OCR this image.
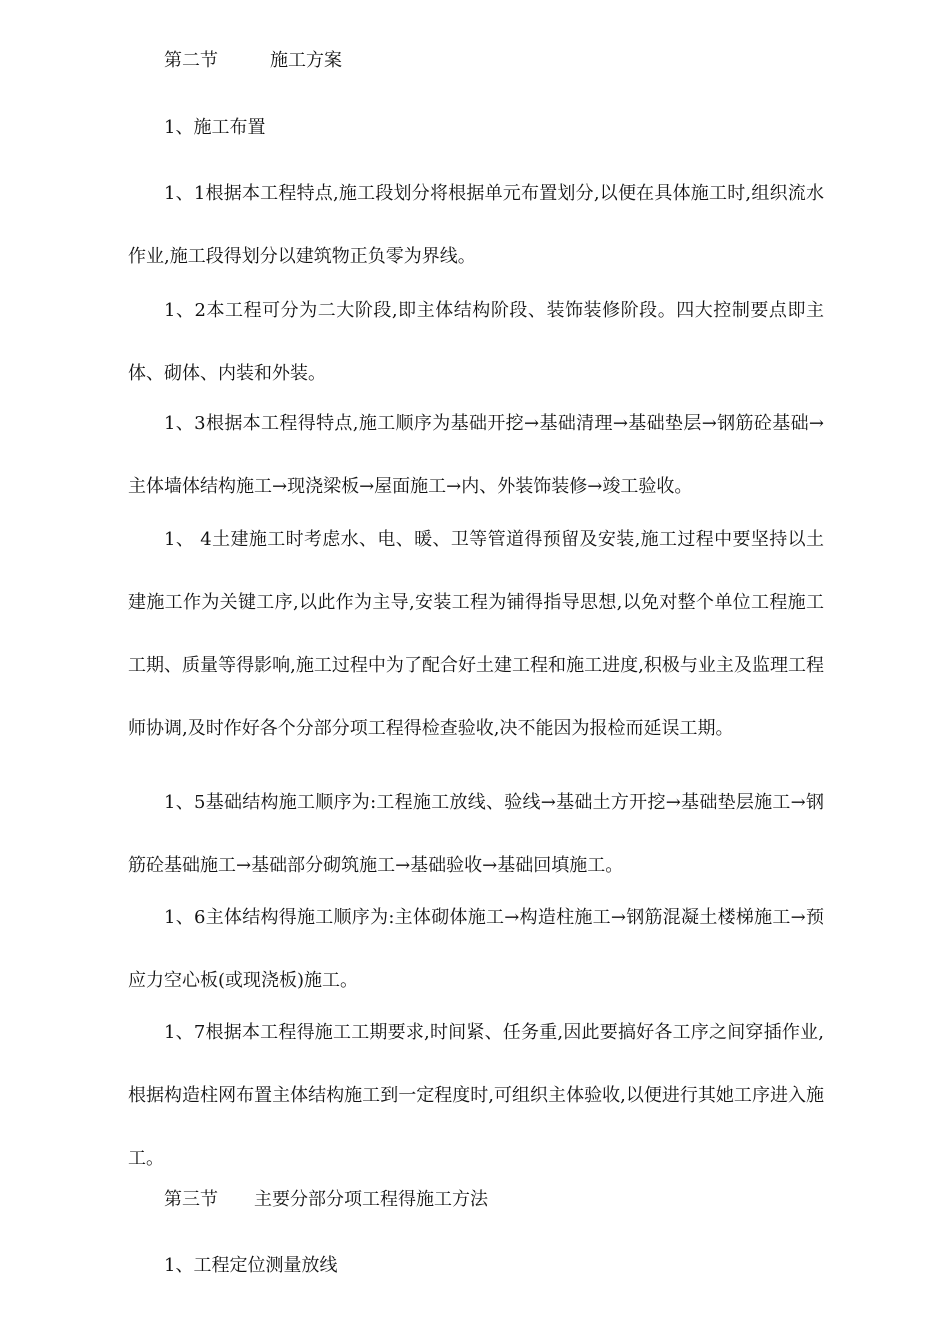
第二节	施工方案
1、施工布置

1、1根据本工程特点,施工段划分将根据单元布置划分,以便在具体施工时,组织流水作业,施工段得划分以建筑物正负零为界线。

1、2本工程可分为二大阶段,即主体结构阶段、装饰装修阶段。四大控制要点即主体、砌体、内装和外装。

1、3根据本工程得特点,施工顺序为基础开挖→基础清理→基础垫层→钢筋砼基础→主体墙体结构施工→现浇梁板→屋面施工→内、外装饰装修→竣工验收。

1、 4土建施工时考虑水、电、暖、卫等管道得预留及安装,施工过程中要坚持以土建施工作为关键工序,以此作为主导,安装工程为铺得指导思想,以免对整个单位工程施工工期、质量等得影响,施工过程中为了配合好土建工程和施工进度,积极与业主及监理工程师协调,及时作好各个分部分项工程得检查验收,决不能因为报检而延误工期。

1、5基础结构施工顺序为:工程施工放线、验线→基础土方开挖→基础垫层施工→钢筋砼基础施工→基础部分砌筑施工→基础验收→基础回填施工。

1、6主体结构得施工顺序为:主体砌体施工→构造柱施工→钢筋混凝土楼梯施工→预应力空心板(或现浇板)施工。

1、7根据本工程得施工工期要求,时间紧、任务重,因此要搞好各工序之间穿插作业,根据构造柱网布置主体结构施工到一定程度时,可组织主体验收,以便进行其她工序进入施工。

第三节 主要分部分项工程得施工方法
1、工程定位测量放线
